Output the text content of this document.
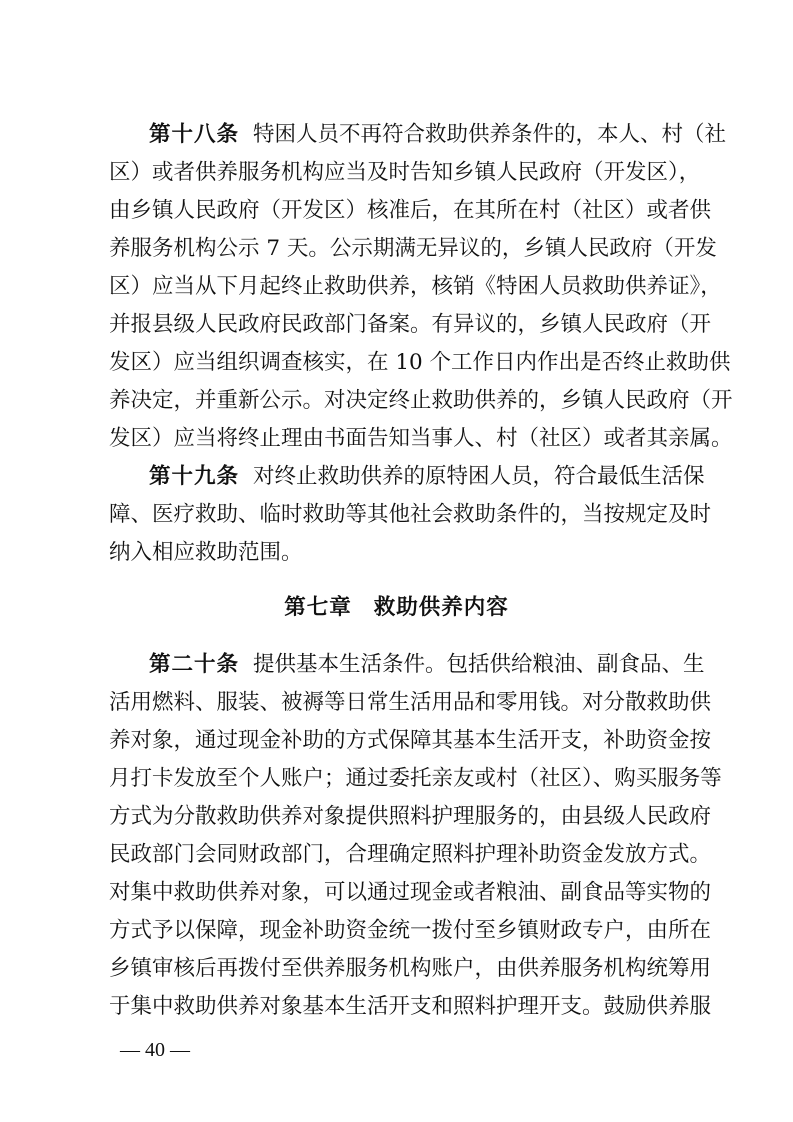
第十八条 特困人员不再符合救助供养条件的，本人、村（社
区）或者供养服务机构应当及时告知乡镇人民政府（开发区），
由乡镇人民政府（开发区）核准后，在其所在村（社区）或者供
养服务机构公示 7 天。公示期满无异议的，乡镇人民政府（开发
区）应当从下月起终止救助供养，核销《特困人员救助供养证》，
并报县级人民政府民政部门备案。有异议的，乡镇人民政府（开
发区）应当组织调查核实，在 10 个工作日内作出是否终止救助供
养决定，并重新公示。对决定终止救助供养的，乡镇人民政府（开
发区）应当将终止理由书面告知当事人、村（社区）或者其亲属。
第十九条 对终止救助供养的原特困人员，符合最低生活保
障、医疗救助、临时救助等其他社会救助条件的，当按规定及时
纳入相应救助范围。
第七章 救助供养内容
第二十条 提供基本生活条件。包括供给粮油、副食品、生
活用燃料、服装、被褥等日常生活用品和零用钱。对分散救助供
养对象，通过现金补助的方式保障其基本生活开支，补助资金按
月打卡发放至个人账户；通过委托亲友或村（社区）、购买服务等
方式为分散救助供养对象提供照料护理服务的，由县级人民政府
民政部门会同财政部门，合理确定照料护理补助资金发放方式。
对集中救助供养对象，可以通过现金或者粮油、副食品等实物的
方式予以保障，现金补助资金统一拨付至乡镇财政专户，由所在
乡镇审核后再拨付至供养服务机构账户，由供养服务机构统筹用
于集中救助供养对象基本生活开支和照料护理开支。鼓励供养服
— 40 —
